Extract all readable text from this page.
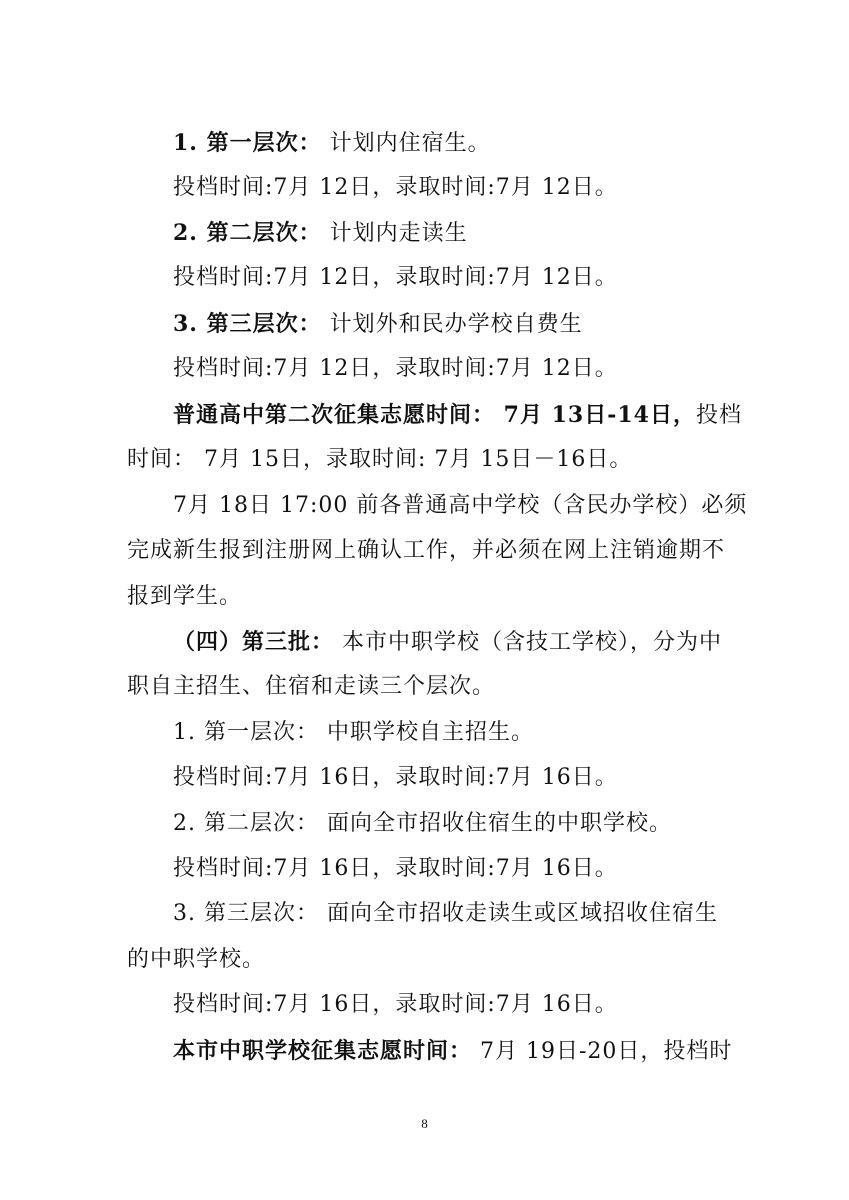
1. 第一层次： 计划内住宿生。
投档时间:7月 12日，录取时间:7月 12日。
2. 第二层次： 计划内走读生
投档时间:7月 12日，录取时间:7月 12日。
3. 第三层次： 计划外和民办学校自费生
投档时间:7月 12日，录取时间:7月 12日。
普通高中第二次征集志愿时间： 7月 13日-14日，投档
时间： 7月 15日，录取时间: 7月 15日－16日。
7月 18日 17:00 前各普通高中学校（含民办学校）必须
完成新生报到注册网上确认工作，并必须在网上注销逾期不
报到学生。
（四）第三批： 本市中职学校（含技工学校），分为中
职自主招生、住宿和走读三个层次。
1. 第一层次： 中职学校自主招生。
投档时间:7月 16日，录取时间:7月 16日。
2. 第二层次： 面向全市招收住宿生的中职学校。
投档时间:7月 16日，录取时间:7月 16日。
3. 第三层次： 面向全市招收走读生或区域招收住宿生
的中职学校。
投档时间:7月 16日，录取时间:7月 16日。
本市中职学校征集志愿时间： 7月 19日-20日，投档时
8
